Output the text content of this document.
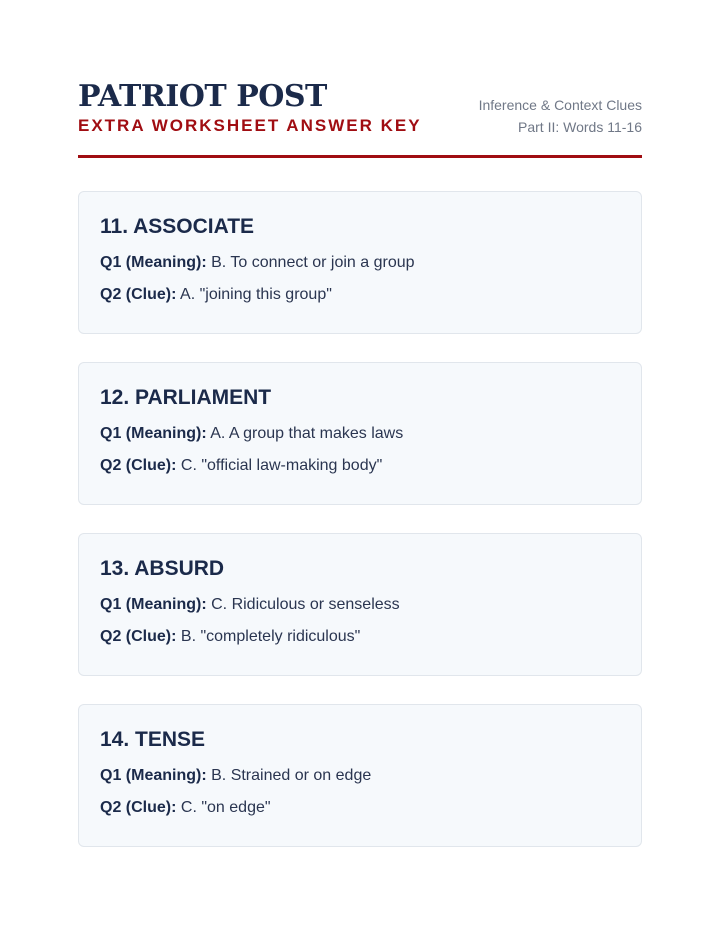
PATRIOT POST
EXTRA WORKSHEET ANSWER KEY
Inference & Context Clues
Part II: Words 11-16
11. ASSOCIATE
Q1 (Meaning): B. To connect or join a group
Q2 (Clue): A. "joining this group"
12. PARLIAMENT
Q1 (Meaning): A. A group that makes laws
Q2 (Clue): C. "official law-making body"
13. ABSURD
Q1 (Meaning): C. Ridiculous or senseless
Q2 (Clue): B. "completely ridiculous"
14. TENSE
Q1 (Meaning): B. Strained or on edge
Q2 (Clue): C. "on edge"
